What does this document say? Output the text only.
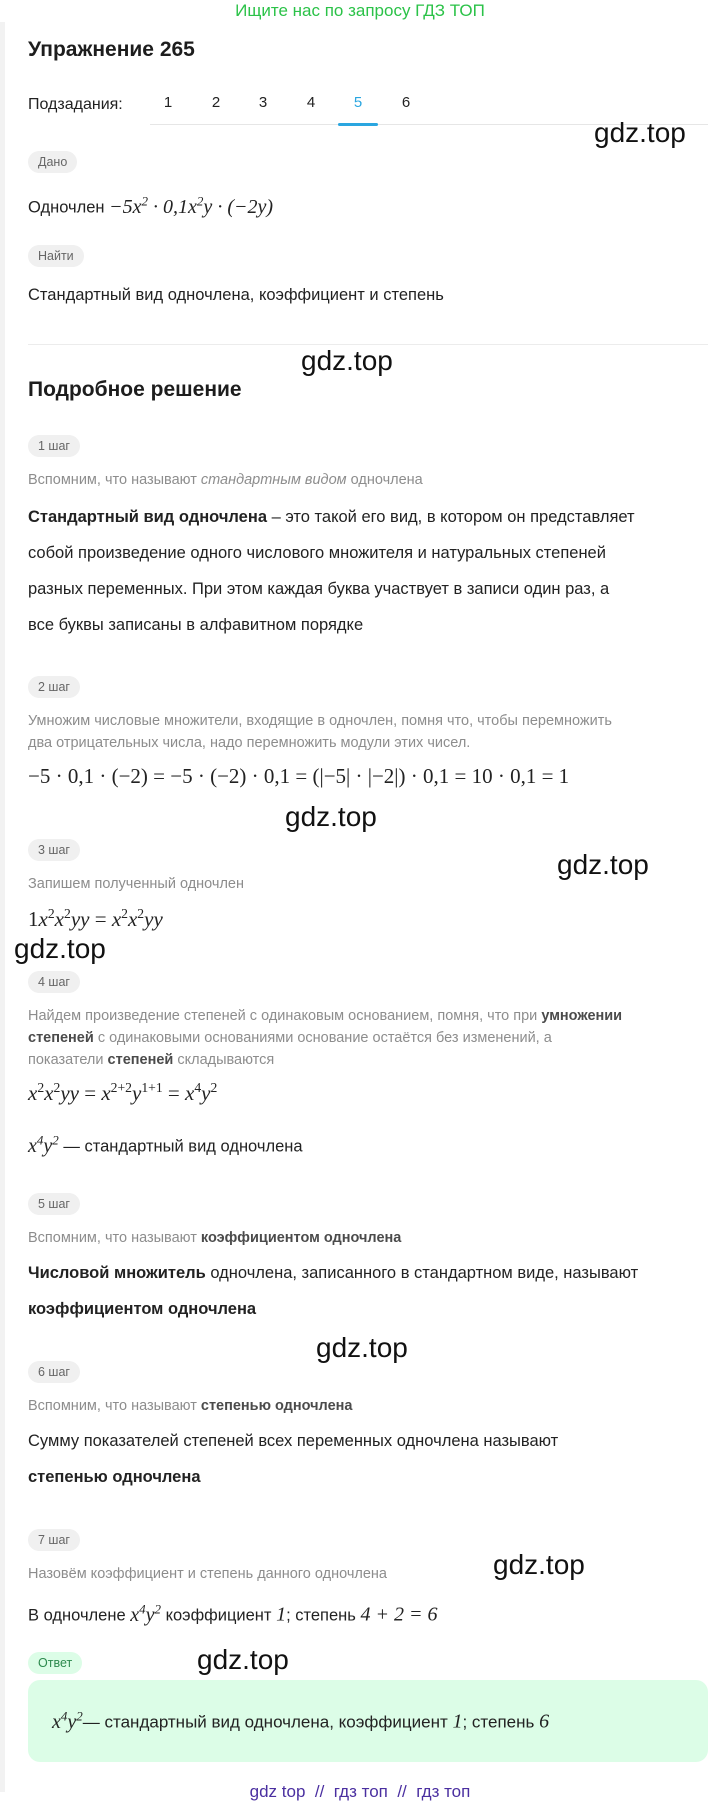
Ищите нас по запросу ГДЗ ТОП
Упражнение 265
Подзадания:	1	2	3	4	5	6
Дано
Одночлен $-5x^2 \cdot 0,1x^2y \cdot (-2y)$
Найти
Стандартный вид одночлена, коэффициент и степень
Подробное решение
1 шаг
Вспомним, что называют стандартным видом одночлена
Стандартный вид одночлена – это такой его вид, в котором он представляет
собой произведение одного числового множителя и натуральных степеней
разных переменных. При этом каждая буква участвует в записи один раз, а
все буквы записаны в алфавитном порядке
2 шаг
Умножим числовые множители, входящие в одночлен, помня что, чтобы перемножить
два отрицательных числа, надо перемножить модули этих чисел.
−5 · 0,1 · (−2) = −5 · (−2) · 0,1 = (|−5| · |−2|) · 0,1 = 10 · 0,1 = 1
3 шаг
Запишем полученный одночлен
$1x^2x^2yy = x^2x^2yy$
4 шаг
Найдем произведение степеней с одинаковым основанием, помня, что при умножении
степеней с одинаковыми основаниями основание остаётся без изменений, а
показатели степеней складываются
$x^2x^2yy = x^{2+2}y^{1+1} = x^4y^2$
$x^4y^2$ — стандартный вид одночлена
5 шаг
Вспомним, что называют коэффициентом одночлена
Числовой множитель одночлена, записанного в стандартном виде, называют
коэффициентом одночлена
6 шаг
Вспомним, что называют степенью одночлена
Сумму показателей степеней всех переменных одночлена называют
степенью одночлена
7 шаг
Назовём коэффициент и степень данного одночлена
В одночлене $x^4y^2$ коэффициент 1; степень 4 + 2 = 6
Ответ
$x^4y^2—$ стандартный вид одночлена, коэффициент 1; степень 6
gdz.top
gdz.top
gdz.top
gdz.top
gdz.top
gdz.top
gdz.top
gdz.top
gdz top  //  гдз топ  //  гдз топ
